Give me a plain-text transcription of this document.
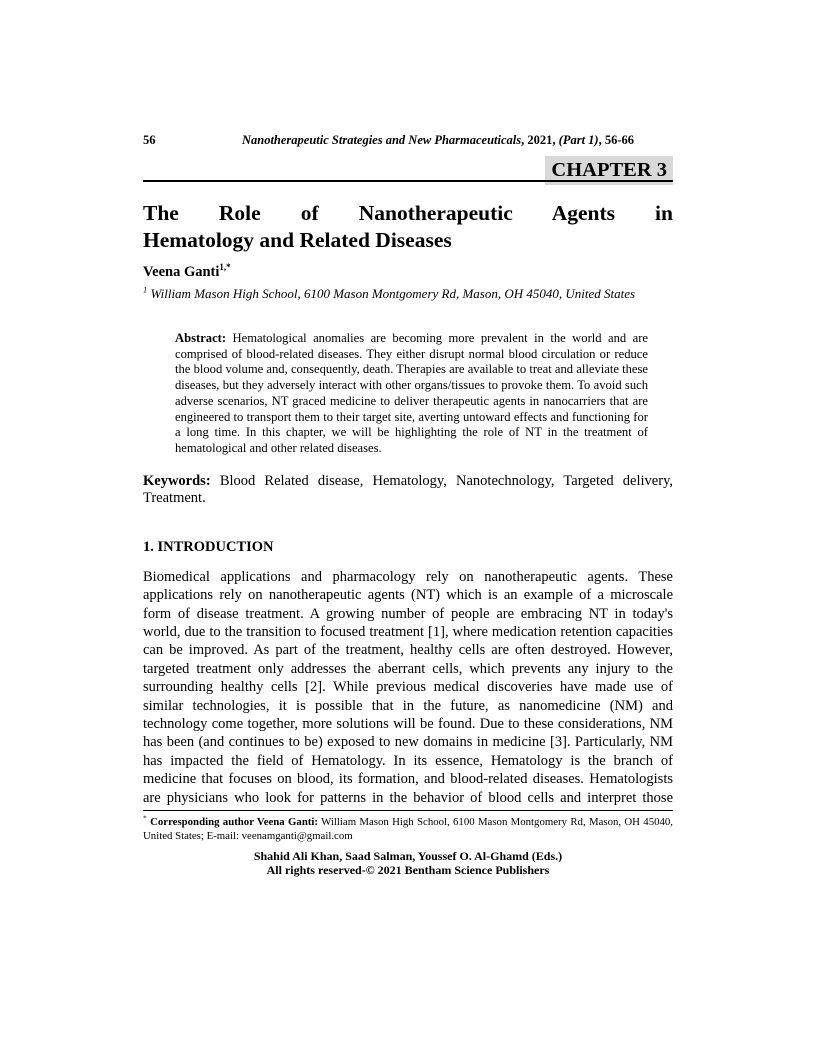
56	Nanotherapeutic Strategies and New Pharmaceuticals, 2021, (Part 1), 56-66
CHAPTER 3
The Role of Nanotherapeutic Agents in
Hematology and Related Diseases
Veena Ganti$^{1,*}$
$^1$ William Mason High School, 6100 Mason Montgomery Rd, Mason, OH 45040, United States
Abstract: Hematological anomalies are becoming more prevalent in the world and are comprised of blood-related diseases. They either disrupt normal blood circulation or reduce the blood volume and, consequently, death. Therapies are available to treat and alleviate these diseases, but they adversely interact with other organs/tissues to provoke them. To avoid such adverse scenarios, NT graced medicine to deliver therapeutic agents in nanocarriers that are engineered to transport them to their target site, averting untoward effects and functioning for a long time. In this chapter, we will be highlighting the role of NT in the treatment of hematological and other related diseases.
Keywords: Blood Related disease, Hematology, Nanotechnology, Targeted delivery, Treatment.
1. INTRODUCTION
Biomedical applications and pharmacology rely on nanotherapeutic agents. These applications rely on nanotherapeutic agents (NT) which is an example of a microscale form of disease treatment. A growing number of people are embracing NT in today's world, due to the transition to focused treatment [1], where medication retention capacities can be improved. As part of the treatment, healthy cells are often destroyed. However, targeted treatment only addresses the aberrant cells, which prevents any injury to the surrounding healthy cells [2]. While previous medical discoveries have made use of similar technologies, it is possible that in the future, as nanomedicine (NM) and technology come together, more solutions will be found. Due to these considerations, NM has been (and continues to be) exposed to new domains in medicine [3]. Particularly, NM has impacted the field of Hematology. In its essence, Hematology is the branch of medicine that focuses on blood, its formation, and blood-related diseases. Hematologists are physicians who look for patterns in the behavior of blood cells and interpret those
* Corresponding author Veena Ganti: William Mason High School, 6100 Mason Montgomery Rd, Mason, OH 45040, United States; E-mail: veenamganti@gmail.com
Shahid Ali Khan, Saad Salman, Youssef O. Al-Ghamd (Eds.)
All rights reserved-© 2021 Bentham Science Publishers
